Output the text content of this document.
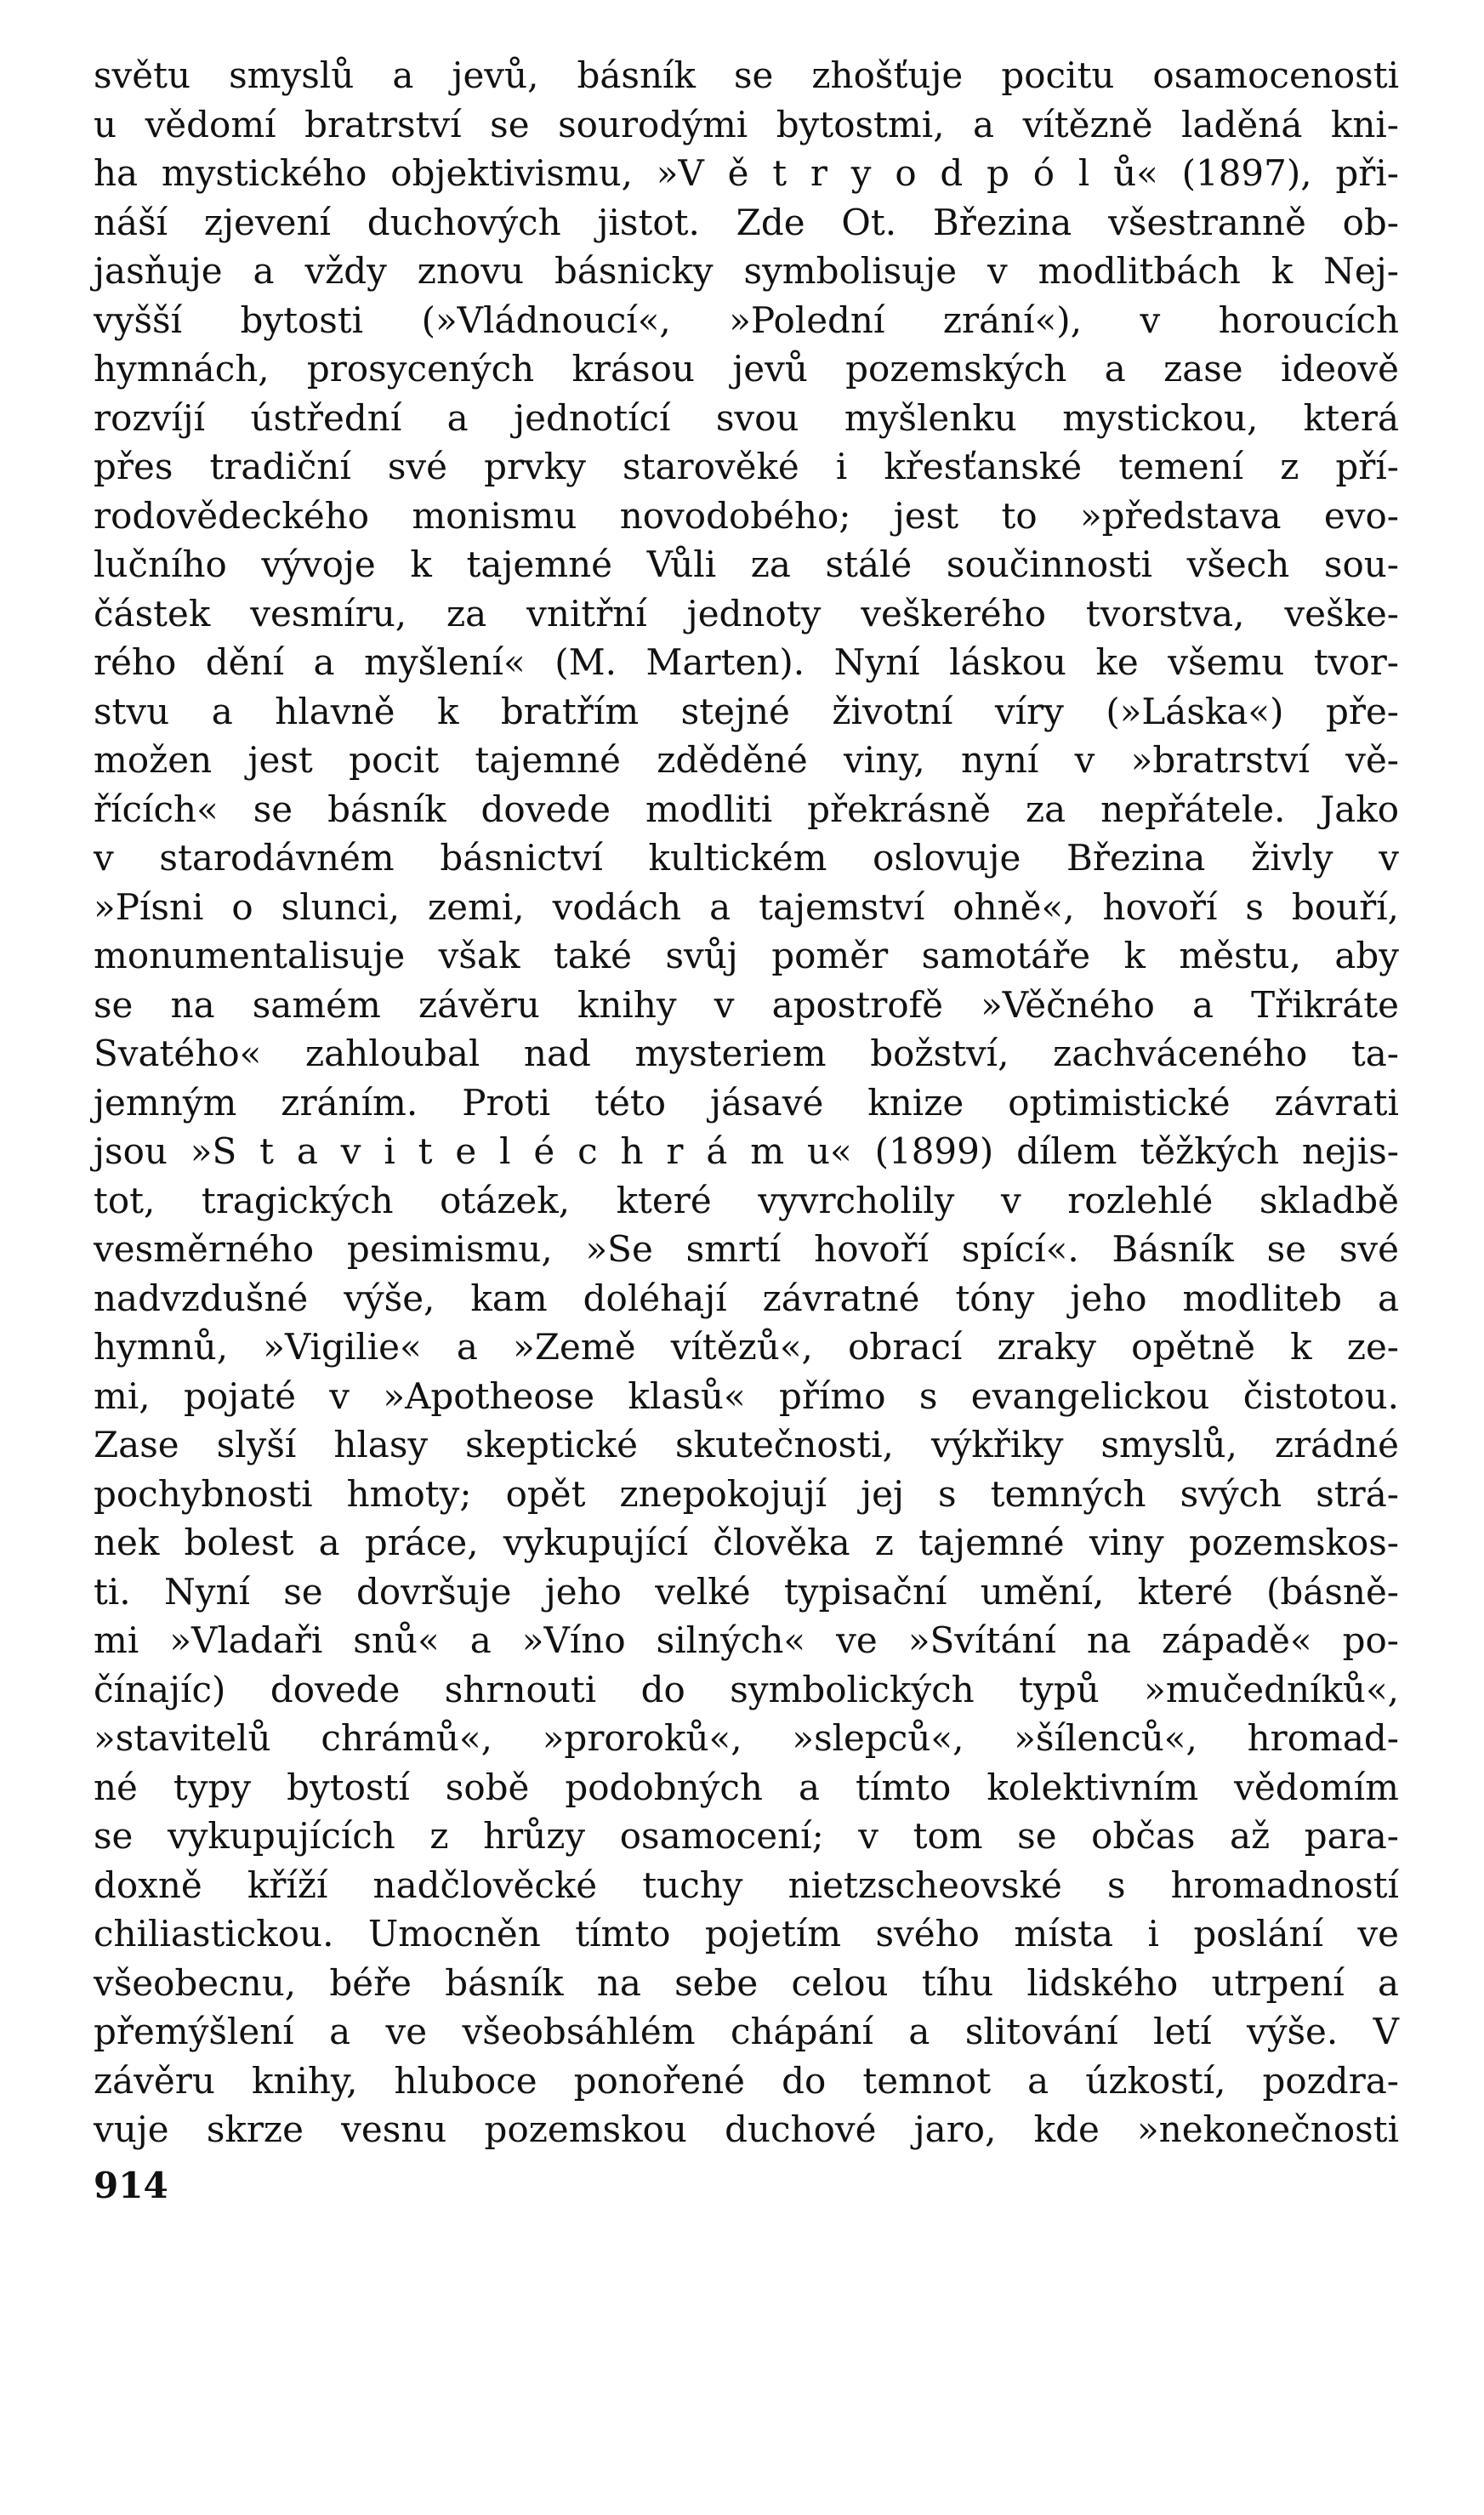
světu smyslů a jevů, básník se zhošťuje pocitu osamocenosti
u vědomí bratrství se sourodými bytostmi, a vítězně laděná kni-
ha mystického objektivismu, »V ě t r y o d p ó l ů« (1897), při-
náší zjevení duchových jistot. Zde Ot. Březina všestranně ob-
jasňuje a vždy znovu básnicky symbolisuje v modlitbách k Nej-
vyšší bytosti (»Vládnoucí«, »Polední zrání«), v horoucích
hymnách, prosycených krásou jevů pozemských a zase ideově
rozvíjí ústřední a jednotící svou myšlenku mystickou, která
přes tradiční své prvky starověké i křesťanské temení z pří-
rodovědeckého monismu novodobého; jest to »představa evo-
lučního vývoje k tajemné Vůli za stálé součinnosti všech sou-
částek vesmíru, za vnitřní jednoty veškerého tvorstva, veške-
rého dění a myšlení« (M. Marten). Nyní láskou ke všemu tvor-
stvu a hlavně k bratřím stejné životní víry (»Láska«) pře-
možen jest pocit tajemné zděděné viny, nyní v »bratrství vě-
řících« se básník dovede modliti překrásně za nepřátele. Jako
v starodávném básnictví kultickém oslovuje Březina živly v
»Písni o slunci, zemi, vodách a tajemství ohně«, hovoří s bouří,
monumentalisuje však také svůj poměr samotáře k městu, aby
se na samém závěru knihy v apostrofě »Věčného a Třikráte
Svatého« zahloubal nad mysteriem božství, zachváceného ta-
jemným zráním. Proti této jásavé knize optimistické závrati
jsou »S t a v i t e l é c h r á m u« (1899) dílem těžkých nejis-
tot, tragických otázek, které vyvrcholily v rozlehlé skladbě
vesměrného pesimismu, »Se smrtí hovoří spící«. Básník se své
nadvzdušné výše, kam doléhají závratné tóny jeho modliteb a
hymnů, »Vigilie« a »Země vítězů«, obrací zraky opětně k ze-
mi, pojaté v »Apotheose klasů« přímo s evangelickou čistotou.
Zase slyší hlasy skeptické skutečnosti, výkřiky smyslů, zrádné
pochybnosti hmoty; opět znepokojují jej s temných svých strá-
nek bolest a práce, vykupující člověka z tajemné viny pozemskos-
ti. Nyní se dovršuje jeho velké typisační umění, které (básně-
mi »Vladaři snů« a »Víno silných« ve »Svítání na západě« po-
čínajíc) dovede shrnouti do symbolických typů »mučedníků«,
»stavitelů chrámů«, »proroků«, »slepců«, »šílenců«, hromad-
né typy bytostí sobě podobných a tímto kolektivním vědomím
se vykupujících z hrůzy osamocení; v tom se občas až para-
doxně kříží nadčlověcké tuchy nietzscheovské s hromadností
chiliastickou. Umocněn tímto pojetím svého místa i poslání ve
všeobecnu, béře básník na sebe celou tíhu lidského utrpení a
přemýšlení a ve všeobsáhlém chápání a slitování letí výše. V
závěru knihy, hluboce ponořené do temnot a úzkostí, pozdra-
vuje skrze vesnu pozemskou duchové jaro, kde »nekonečnosti
914
